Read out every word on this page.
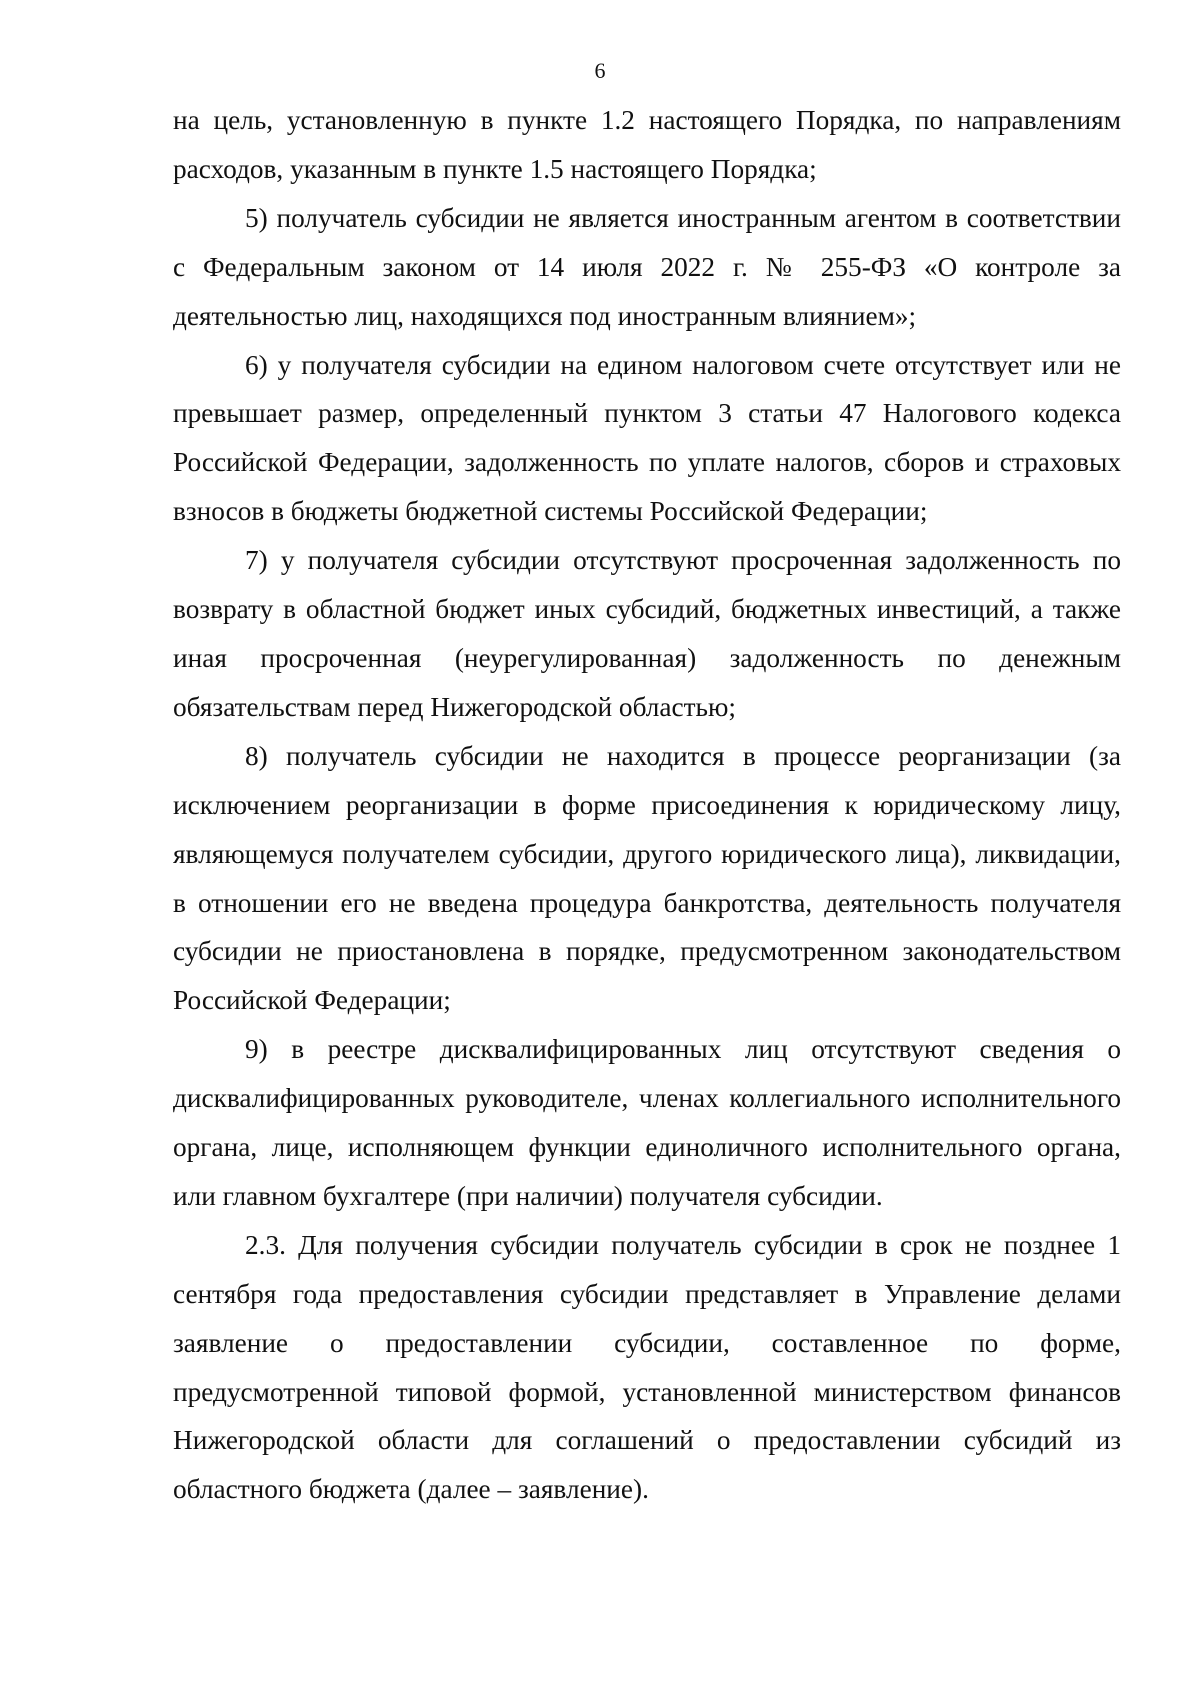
6

на цель, установленную в пункте 1.2 настоящего Порядка, по направлениям расходов, указанным в пункте 1.5 настоящего Порядка;

5) получатель субсидии не является иностранным агентом в соответствии с Федеральным законом от 14 июля 2022 г. № 255-ФЗ «О контроле за деятельностью лиц, находящихся под иностранным влиянием»;

6) у получателя субсидии на едином налоговом счете отсутствует или не превышает размер, определенный пунктом 3 статьи 47 Налогового кодекса Российской Федерации, задолженность по уплате налогов, сборов и страховых взносов в бюджеты бюджетной системы Российской Федерации;

7) у получателя субсидии отсутствуют просроченная задолженность по возврату в областной бюджет иных субсидий, бюджетных инвестиций, а также иная просроченная (неурегулированная) задолженность по денежным обязательствам перед Нижегородской областью;

8) получатель субсидии не находится в процессе реорганизации (за исключением реорганизации в форме присоединения к юридическому лицу, являющемуся получателем субсидии, другого юридического лица), ликвидации, в отношении его не введена процедура банкротства, деятельность получателя субсидии не приостановлена в порядке, предусмотренном законодательством Российской Федерации;

9) в реестре дисквалифицированных лиц отсутствуют сведения о дисквалифицированных руководителе, членах коллегиального исполнительного органа, лице, исполняющем функции единоличного исполнительного органа, или главном бухгалтере (при наличии) получателя субсидии.

2.3. Для получения субсидии получатель субсидии в срок не позднее 1 сентября года предоставления субсидии представляет в Управление делами заявление о предоставлении субсидии, составленное по форме, предусмотренной типовой формой, установленной министерством финансов Нижегородской области для соглашений о предоставлении субсидий из областного бюджета (далее – заявление).
